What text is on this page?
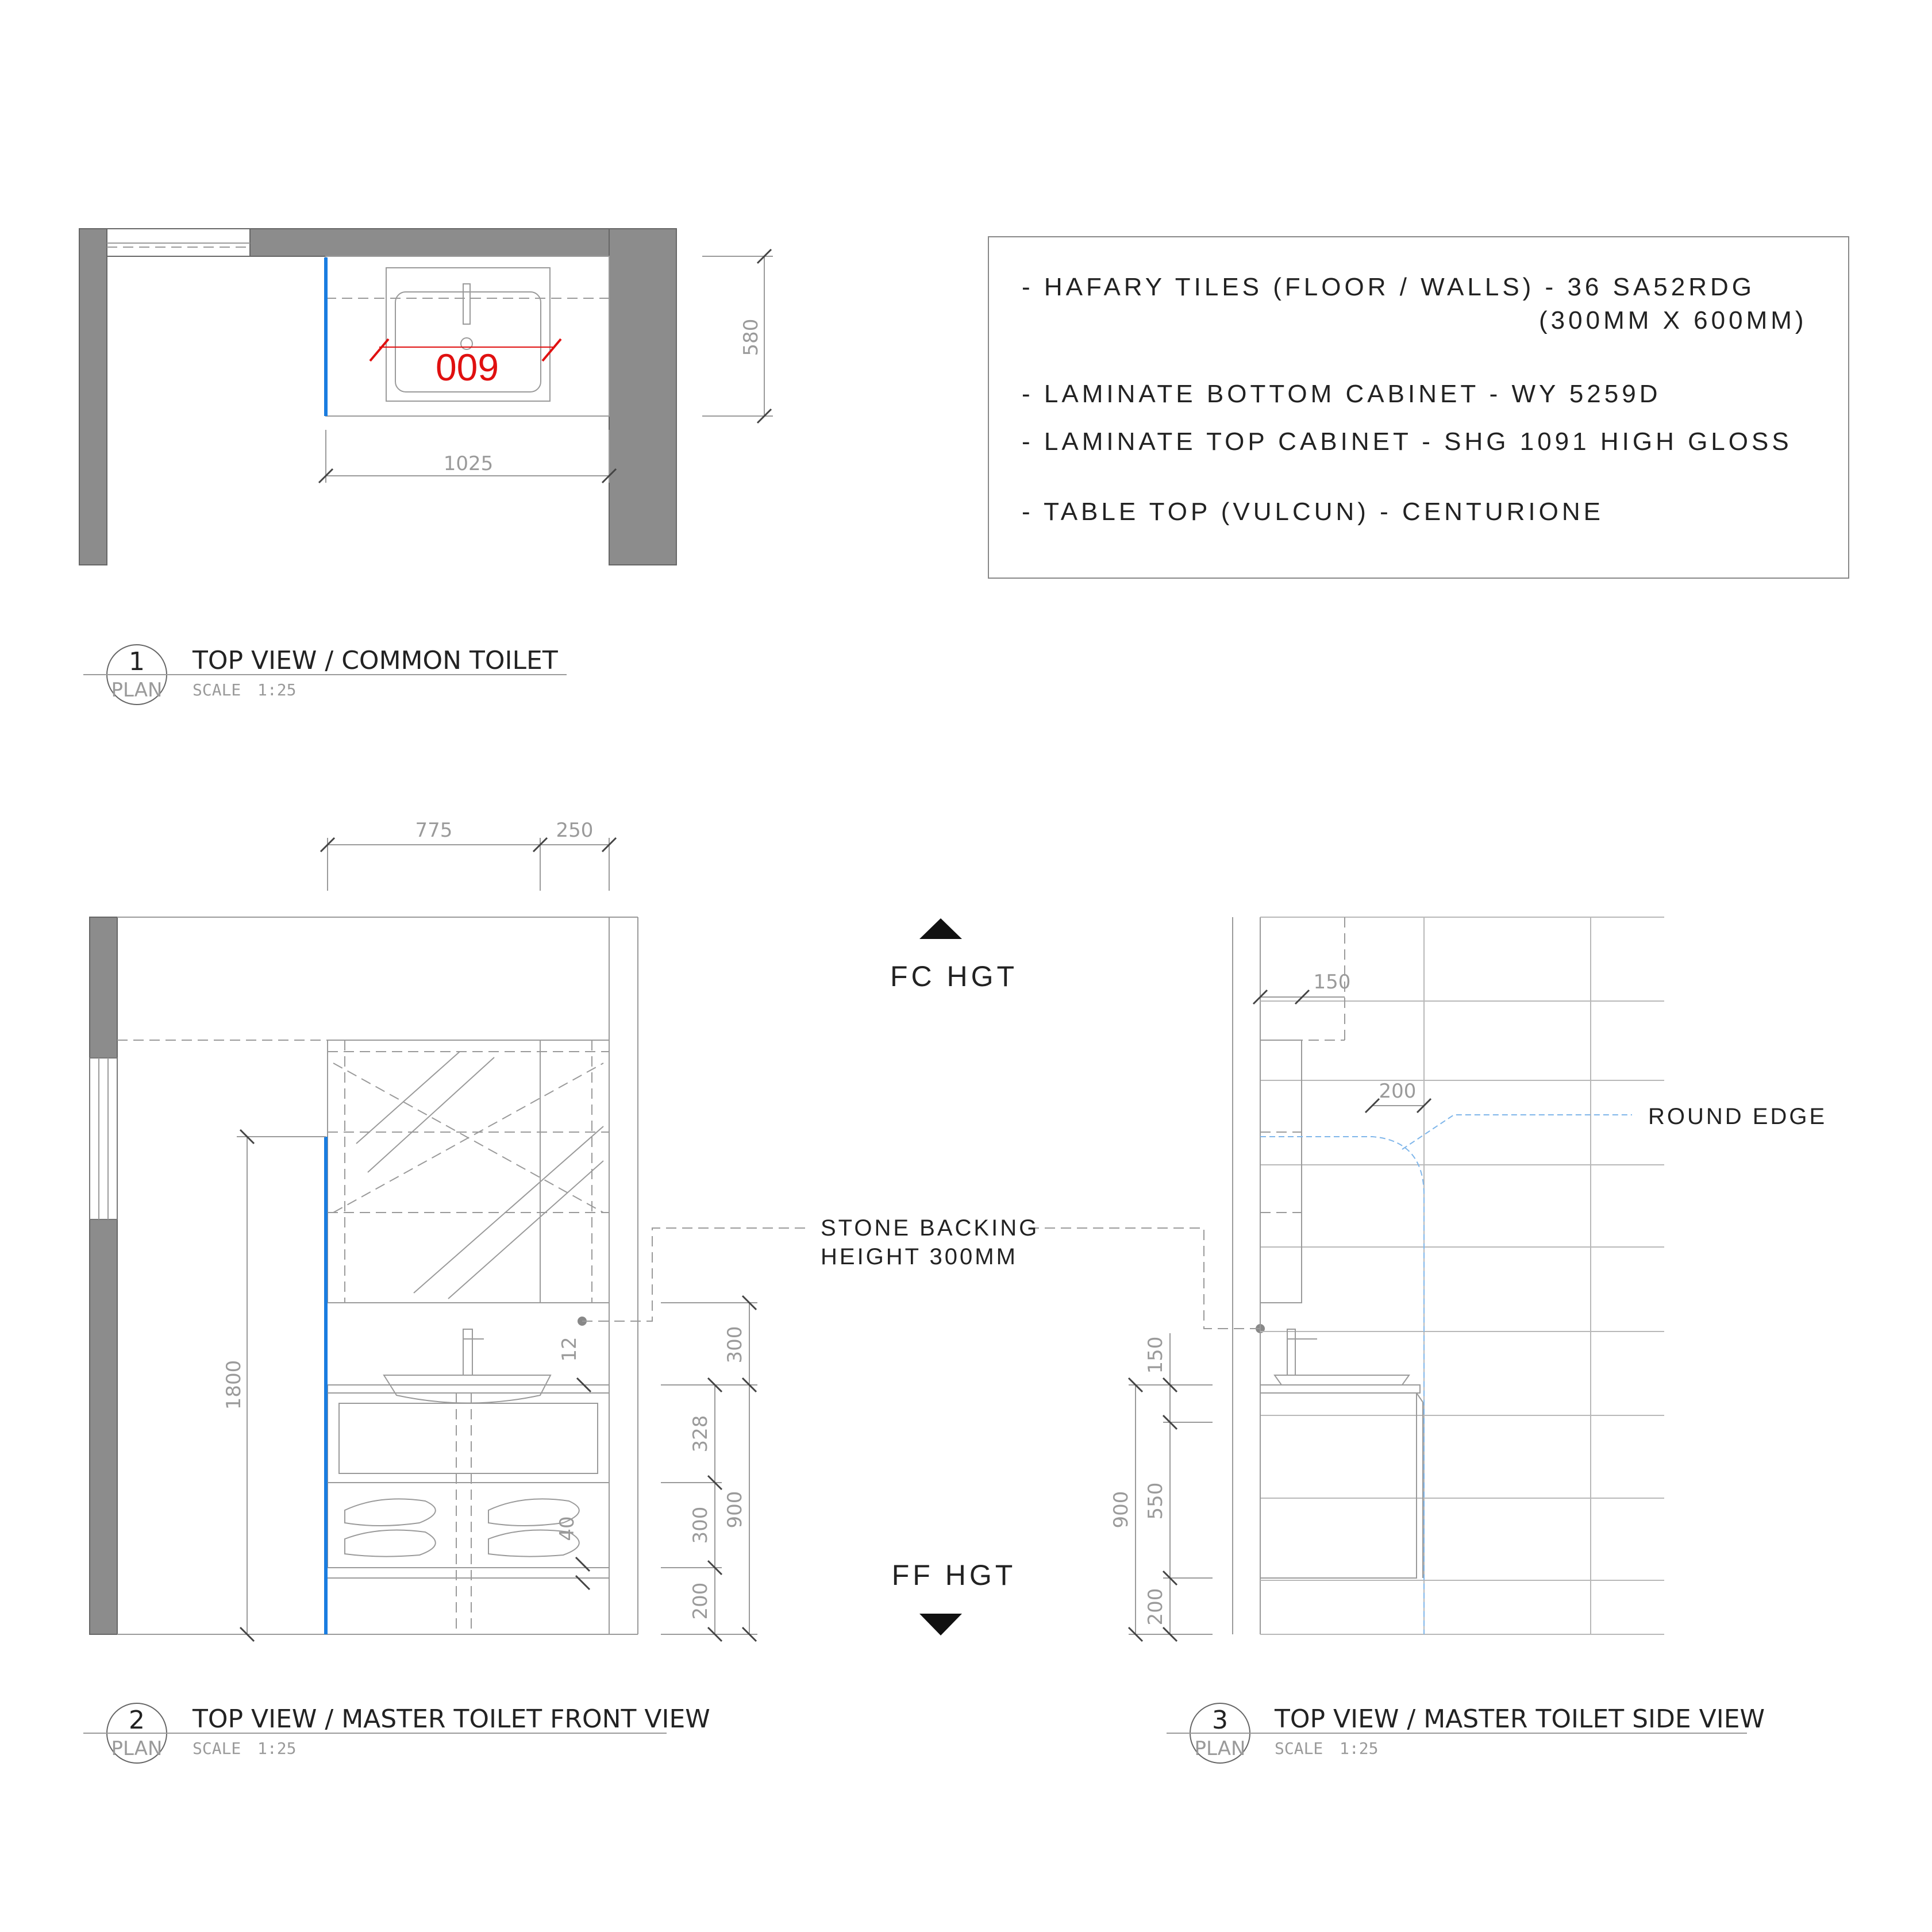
009
580
1025
1
PLAN
TOP VIEW / COMMON TOILET
SCALE 1:25
- HAFARY TILES (FLOOR / WALLS) - 36 SA52RDG
(300MM X 600MM)
- LAMINATE BOTTOM CABINET - WY 5259D
- LAMINATE TOP CABINET - SHG 1091 HIGH GLOSS
- TABLE TOP (VULCUN) - CENTURIONE
775	250
1800
12
40
300
328
300
200
900
STONE BACKING
HEIGHT 300MM
FC HGT
FF HGT
2
PLAN
TOP VIEW / MASTER TOILET FRONT VIEW
SCALE 1:25
150
200
ROUND EDGE
150
550
200
900
3
PLAN
TOP VIEW / MASTER TOILET SIDE VIEW
SCALE 1:25
